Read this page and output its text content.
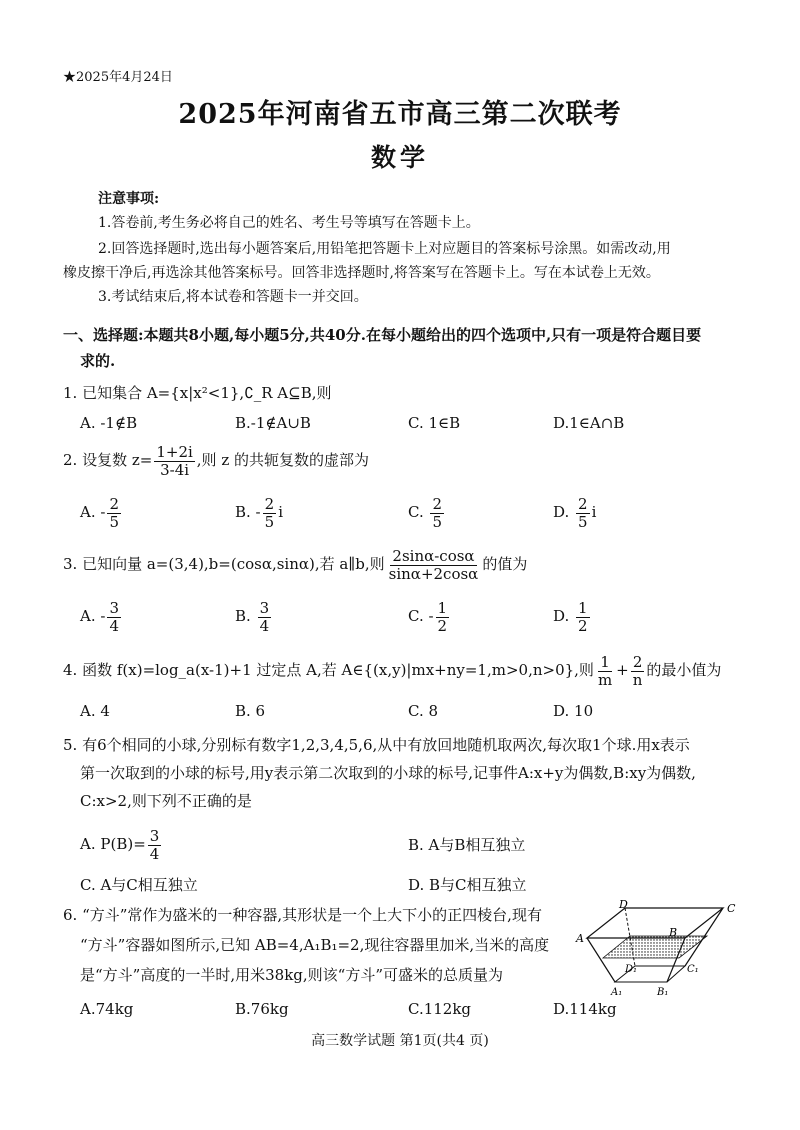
★2025年4月24日
2025年河南省五市高三第二次联考
数学
注意事项:
1.答卷前,考生务必将自己的姓名、考生号等填写在答题卡上。
2.回答选择题时,选出每小题答案后,用铅笔把答题卡上对应题目的答案标号涂黑。如需改动,用
橡皮擦干净后,再选涂其他答案标号。回答非选择题时,将答案写在答题卡上。写在本试卷上无效。
3.考试结束后,将本试卷和答题卡一并交回。
一、选择题:本题共8小题,每小题5分,共40分.在每小题给出的四个选项中,只有一项是符合题目要
求的.
1. 已知集合 A={x|x²<1},∁_R A⊆B,则
A. -1∉B	B.-1∉A∪B	C. 1∈B	D.1∈A∩B
2. 设复数 $z= \frac{1+2i}{3-4i}$ ,则 z 的共轭复数的虚部为
A. - $\frac{2}{5}$	B. - $\frac{2}{5}$ i	C. $\frac{2}{5}$	D. $\frac{2}{5}$ i
3. 已知向量 a=(3,4),b=(cosα,sinα),若 a∥b,则 $\frac{2\sin\alpha-\cos\alpha}{\sin\alpha+2\cos\alpha}$ 的值为
A. - $\frac{3}{4}$	B. $\frac{3}{4}$	C. - $\frac{1}{2}$	D. $\frac{1}{2}$
4. 函数 f(x)=log_a(x-1)+1 过定点 A,若 A∈{(x,y)|mx+ny=1,m>0,n>0},则 $\frac{1}{m} + \frac{2}{n}$ 的最小值为
A. 4	B. 6	C. 8	D. 10
5. 有6个相同的小球,分别标有数字1,2,3,4,5,6,从中有放回地随机取两次,每次取1个球.用x表示
第一次取到的小球的标号,用y表示第二次取到的小球的标号,记事件A:x+y为偶数,B:xy为偶数,
C:x>2,则下列不正确的是
A. $P(B)= \frac{3}{4}$	B. A与B相互独立
C. A与C相互独立	D. B与C相互独立
6. “方斗”常作为盛米的一种容器,其形状是一个上大下小的正四棱台,现有
“方斗”容器如图所示,已知 AB=4,A₁B₁=2,现往容器里加米,当米的高度
是“方斗”高度的一半时,用米38kg,则该“方斗”可盛米的总质量为
A.74kg	B.76kg	C.112kg	D.114kg
D	C
A	B
D₁	C₁
A₁	B₁
高三数学试题 第1页(共4 页)
